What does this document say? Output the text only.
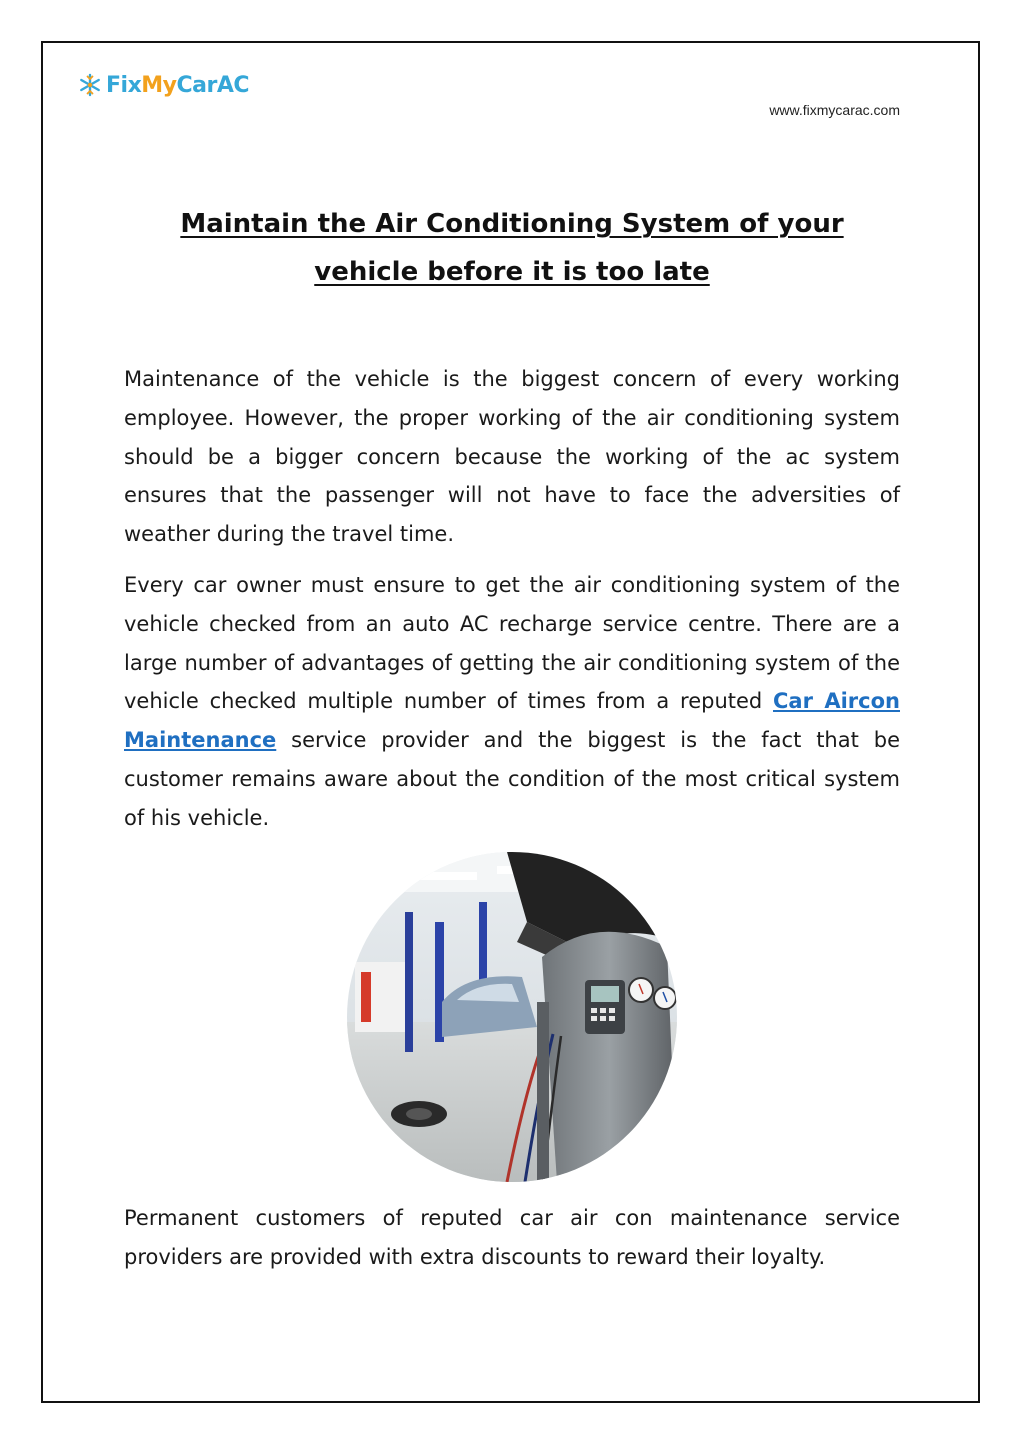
FixMyCarAC
www.fixmycarac.com
Maintain the Air Conditioning System of your vehicle before it is too late

Maintenance of the vehicle is the biggest concern of every working employee. However, the proper working of the air conditioning system should be a bigger concern because the working of the ac system ensures that the passenger will not have to face the adversities of weather during the travel time.

Every car owner must ensure to get the air conditioning system of the vehicle checked from an auto AC recharge service centre. There are a large number of advantages of getting the air conditioning system of the vehicle checked multiple number of times from a reputed Car Aircon Maintenance service provider and the biggest is the fact that be customer remains aware about the condition of the most critical system of his vehicle.

Permanent customers of reputed car air con maintenance service providers are provided with extra discounts to reward their loyalty.
